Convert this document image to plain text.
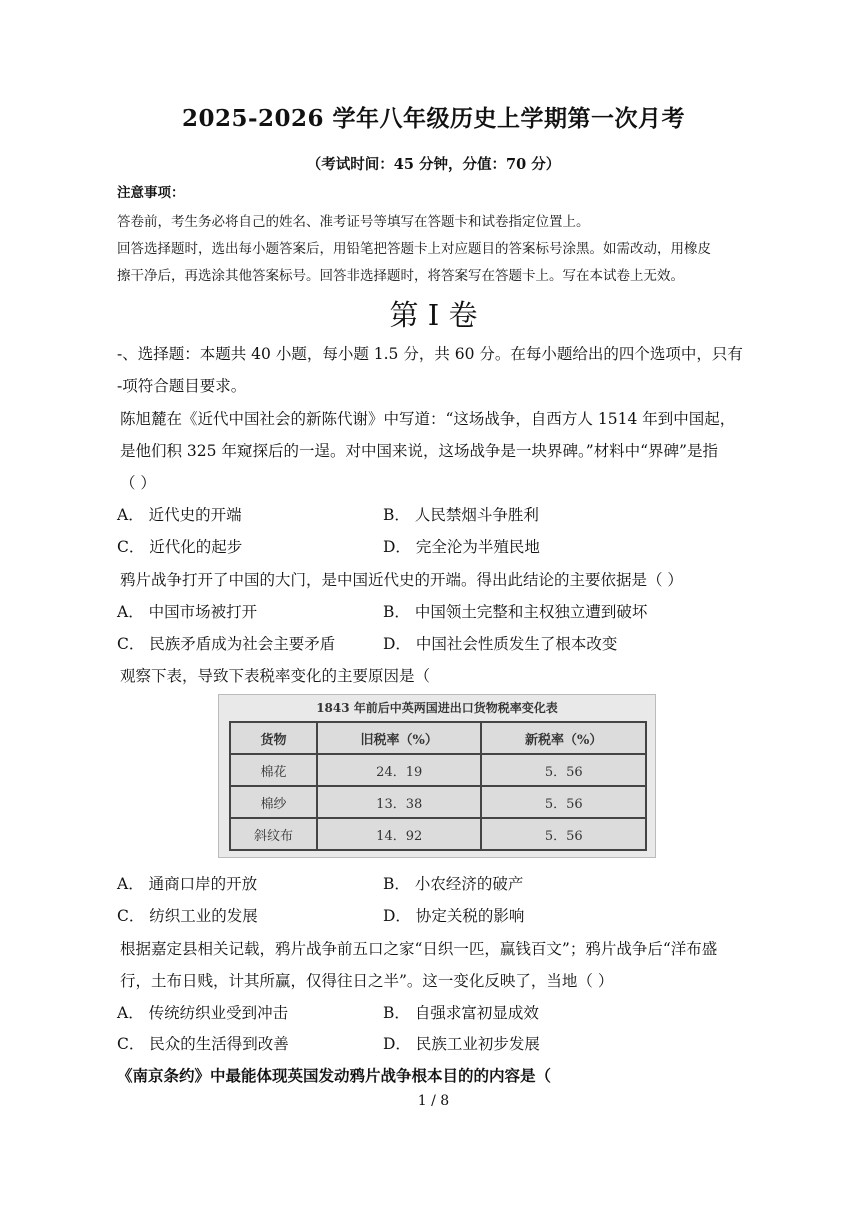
2025-2026 学年八年级历史上学期第一次月考
（考试时间：45 分钟，分值：70 分）
注意事项：
答卷前，考生务必将自己的姓名、准考证号等填写在答题卡和试卷指定位置上。
回答选择题时，选出每小题答案后，用铅笔把答题卡上对应题目的答案标号涂黑。如需改动，用橡皮
擦干净后，再选涂其他答案标号。回答非选择题时，将答案写在答题卡上。写在本试卷上无效。
第 I 卷
-、选择题：本题共 40 小题，每小题 1.5 分，共 60 分。在每小题给出的四个选项中，只有
-项符合题目要求。
陈旭麓在《近代中国社会的新陈代谢》中写道：“这场战争，自西方人 1514 年到中国起，
是他们积 325 年窥探后的一逞。对中国来说，这场战争是一块界碑。”材料中“界碑”是指
（ ）
A． 近代史的开端	B． 人民禁烟斗争胜利
C． 近代化的起步	D． 完全沦为半殖民地
鸦片战争打开了中国的大门，是中国近代史的开端。得出此结论的主要依据是（ ）
A． 中国市场被打开	B． 中国领土完整和主权独立遭到破坏
C． 民族矛盾成为社会主要矛盾	D． 中国社会性质发生了根本改变
观察下表，导致下表税率变化的主要原因是（
1843 年前后中英两国进出口货物税率变化表
货物	旧税率（%）	新税率（%）
棉花	24．19	5．56
棉纱	13．38	5．56
斜纹布	14．92	5．56
A． 通商口岸的开放	B． 小农经济的破产
C． 纺织工业的发展	D． 协定关税的影响
根据嘉定县相关记载，鸦片战争前五口之家“日织一匹，赢钱百文”；鸦片战争后“洋布盛
行，土布日贱，计其所赢，仅得往日之半”。这一变化反映了，当地（ ）
A． 传统纺织业受到冲击	B． 自强求富初显成效
C． 民众的生活得到改善	D． 民族工业初步发展
《南京条约》中最能体现英国发动鸦片战争根本目的的内容是（
1 / 8
